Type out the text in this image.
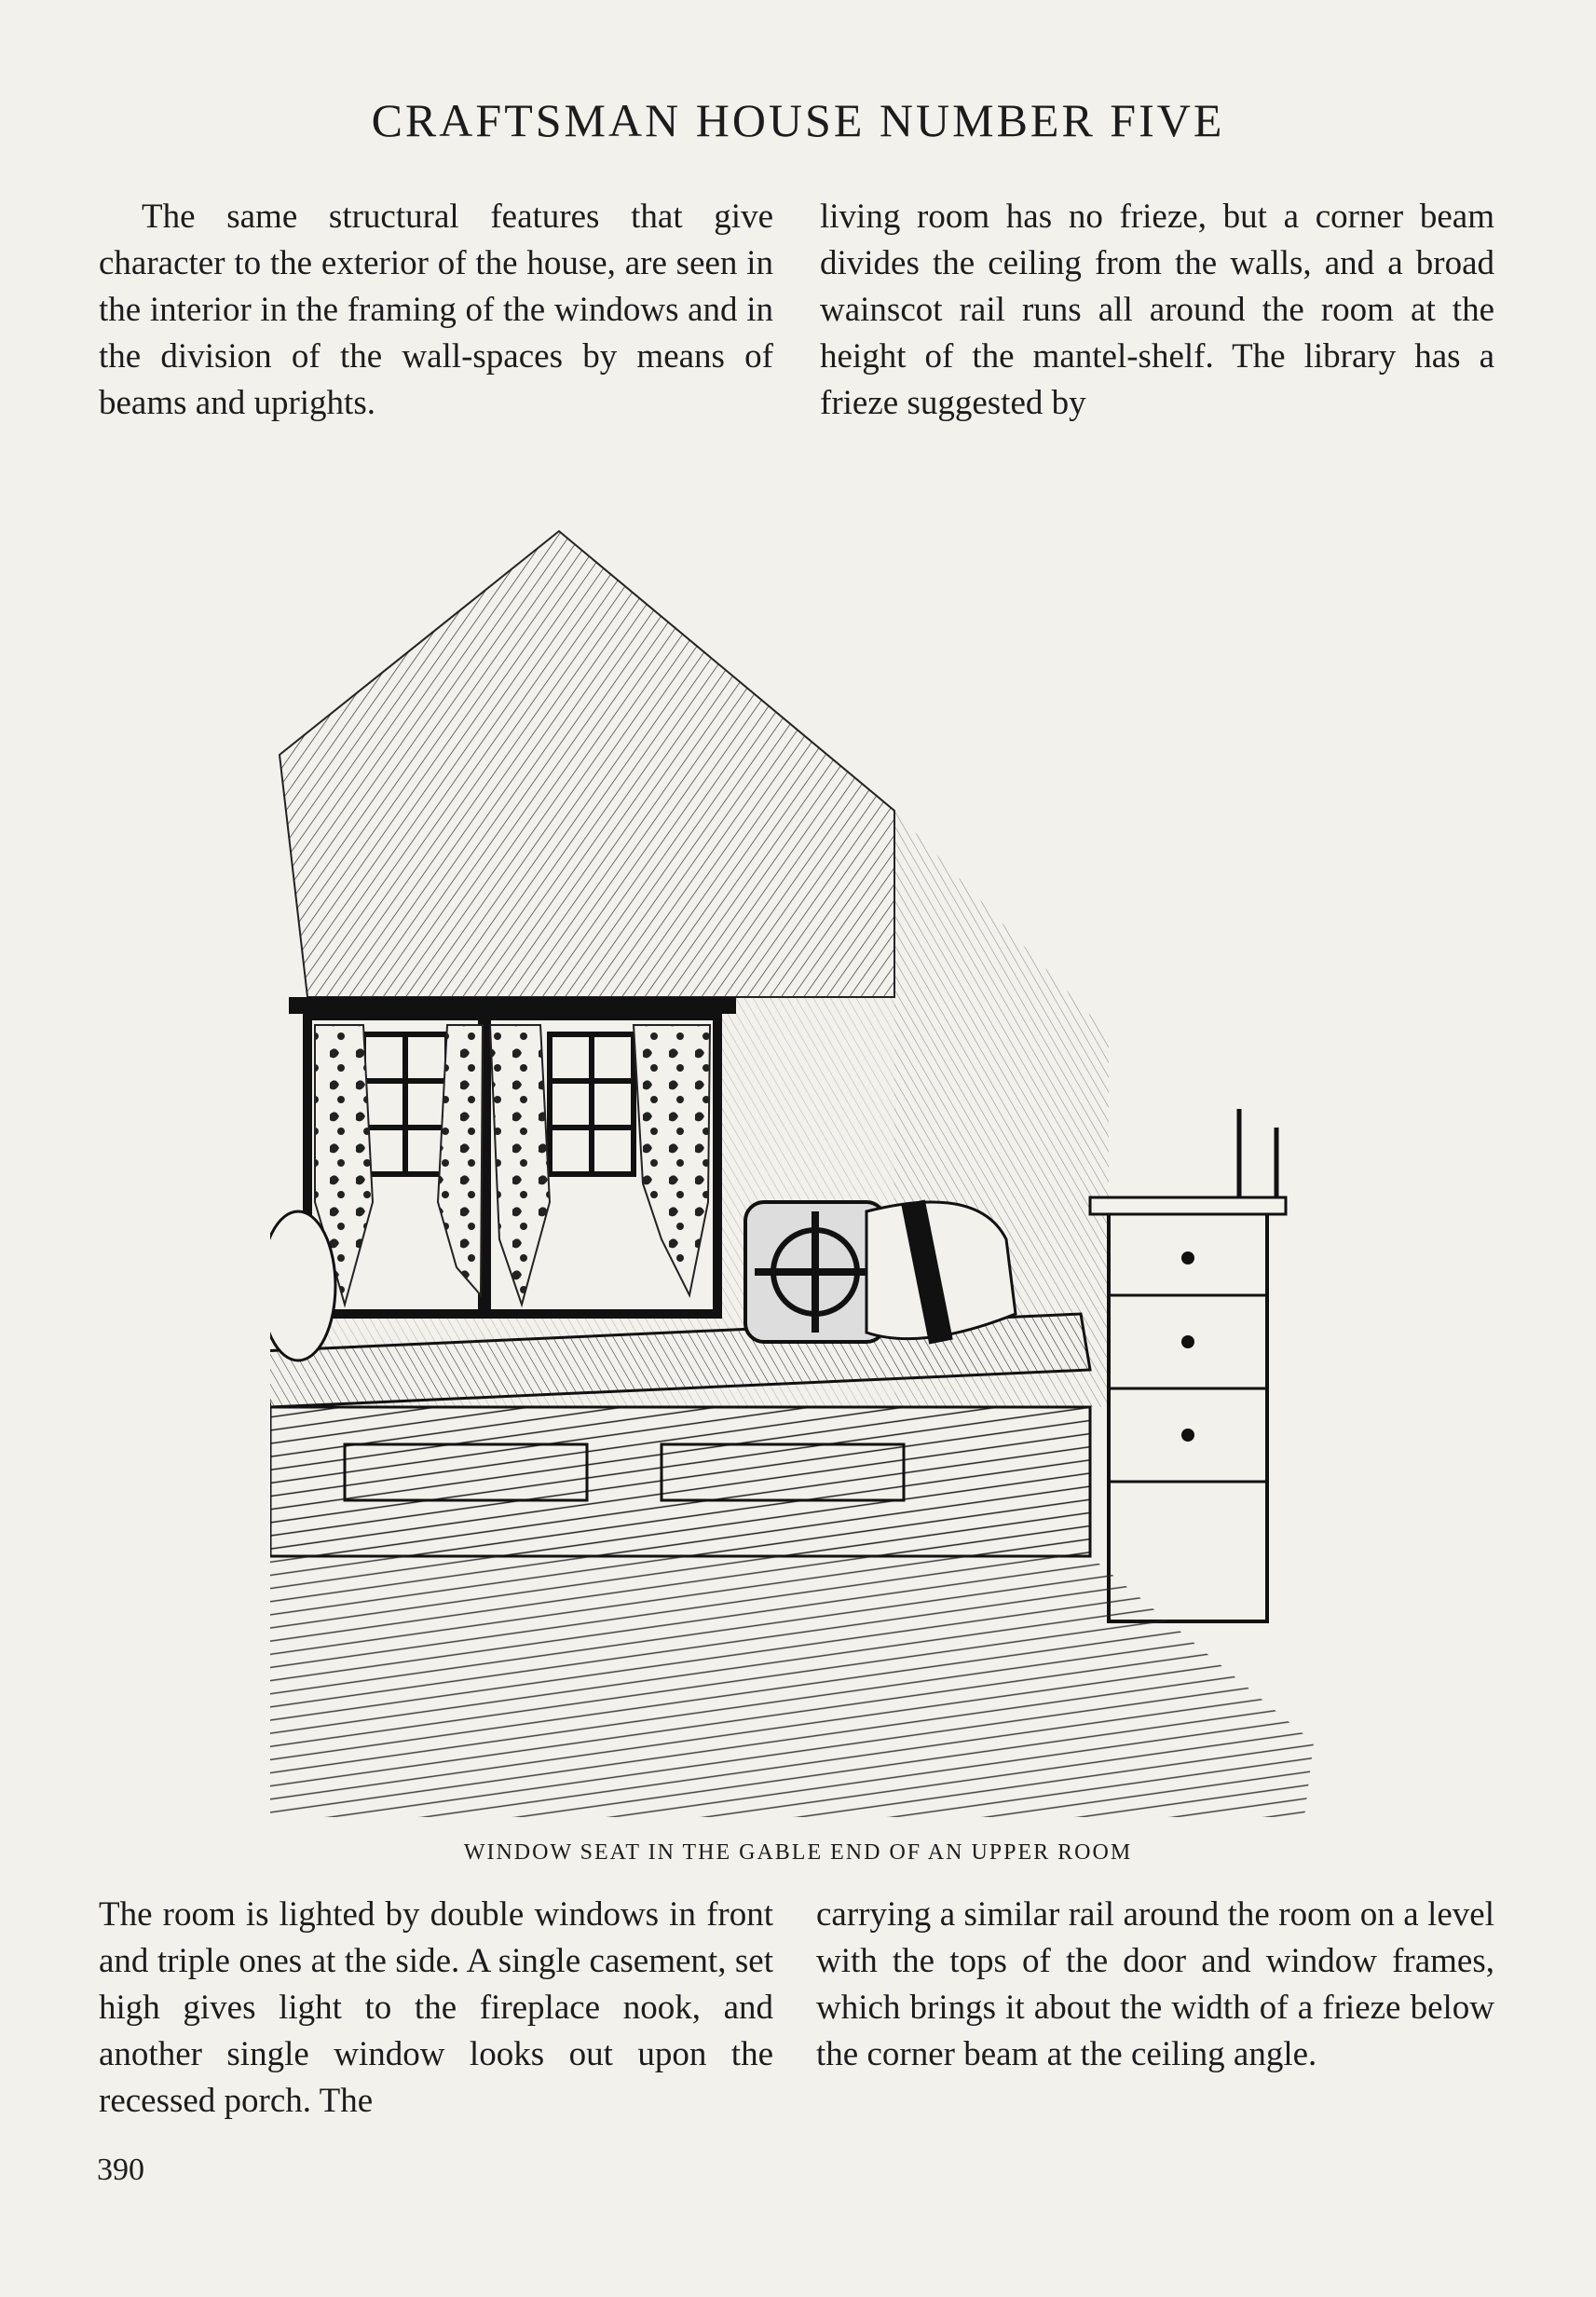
CRAFTSMAN HOUSE NUMBER FIVE

The same structural features that give character to the exterior of the house, are seen in the interior in the framing of the windows and in the division of the wall-spaces by means of beams and uprights.

living room has no frieze, but a corner beam divides the ceiling from the walls, and a broad wainscot rail runs all around the room at the height of the mantel-shelf. The library has a frieze suggested by

WINDOW SEAT IN THE GABLE END OF AN UPPER ROOM

The room is lighted by double windows in front and triple ones at the side. A single casement, set high gives light to the fireplace nook, and another single window looks out upon the recessed porch. The

carrying a similar rail around the room on a level with the tops of the door and window frames, which brings it about the width of a frieze below the corner beam at the ceiling angle.

390
